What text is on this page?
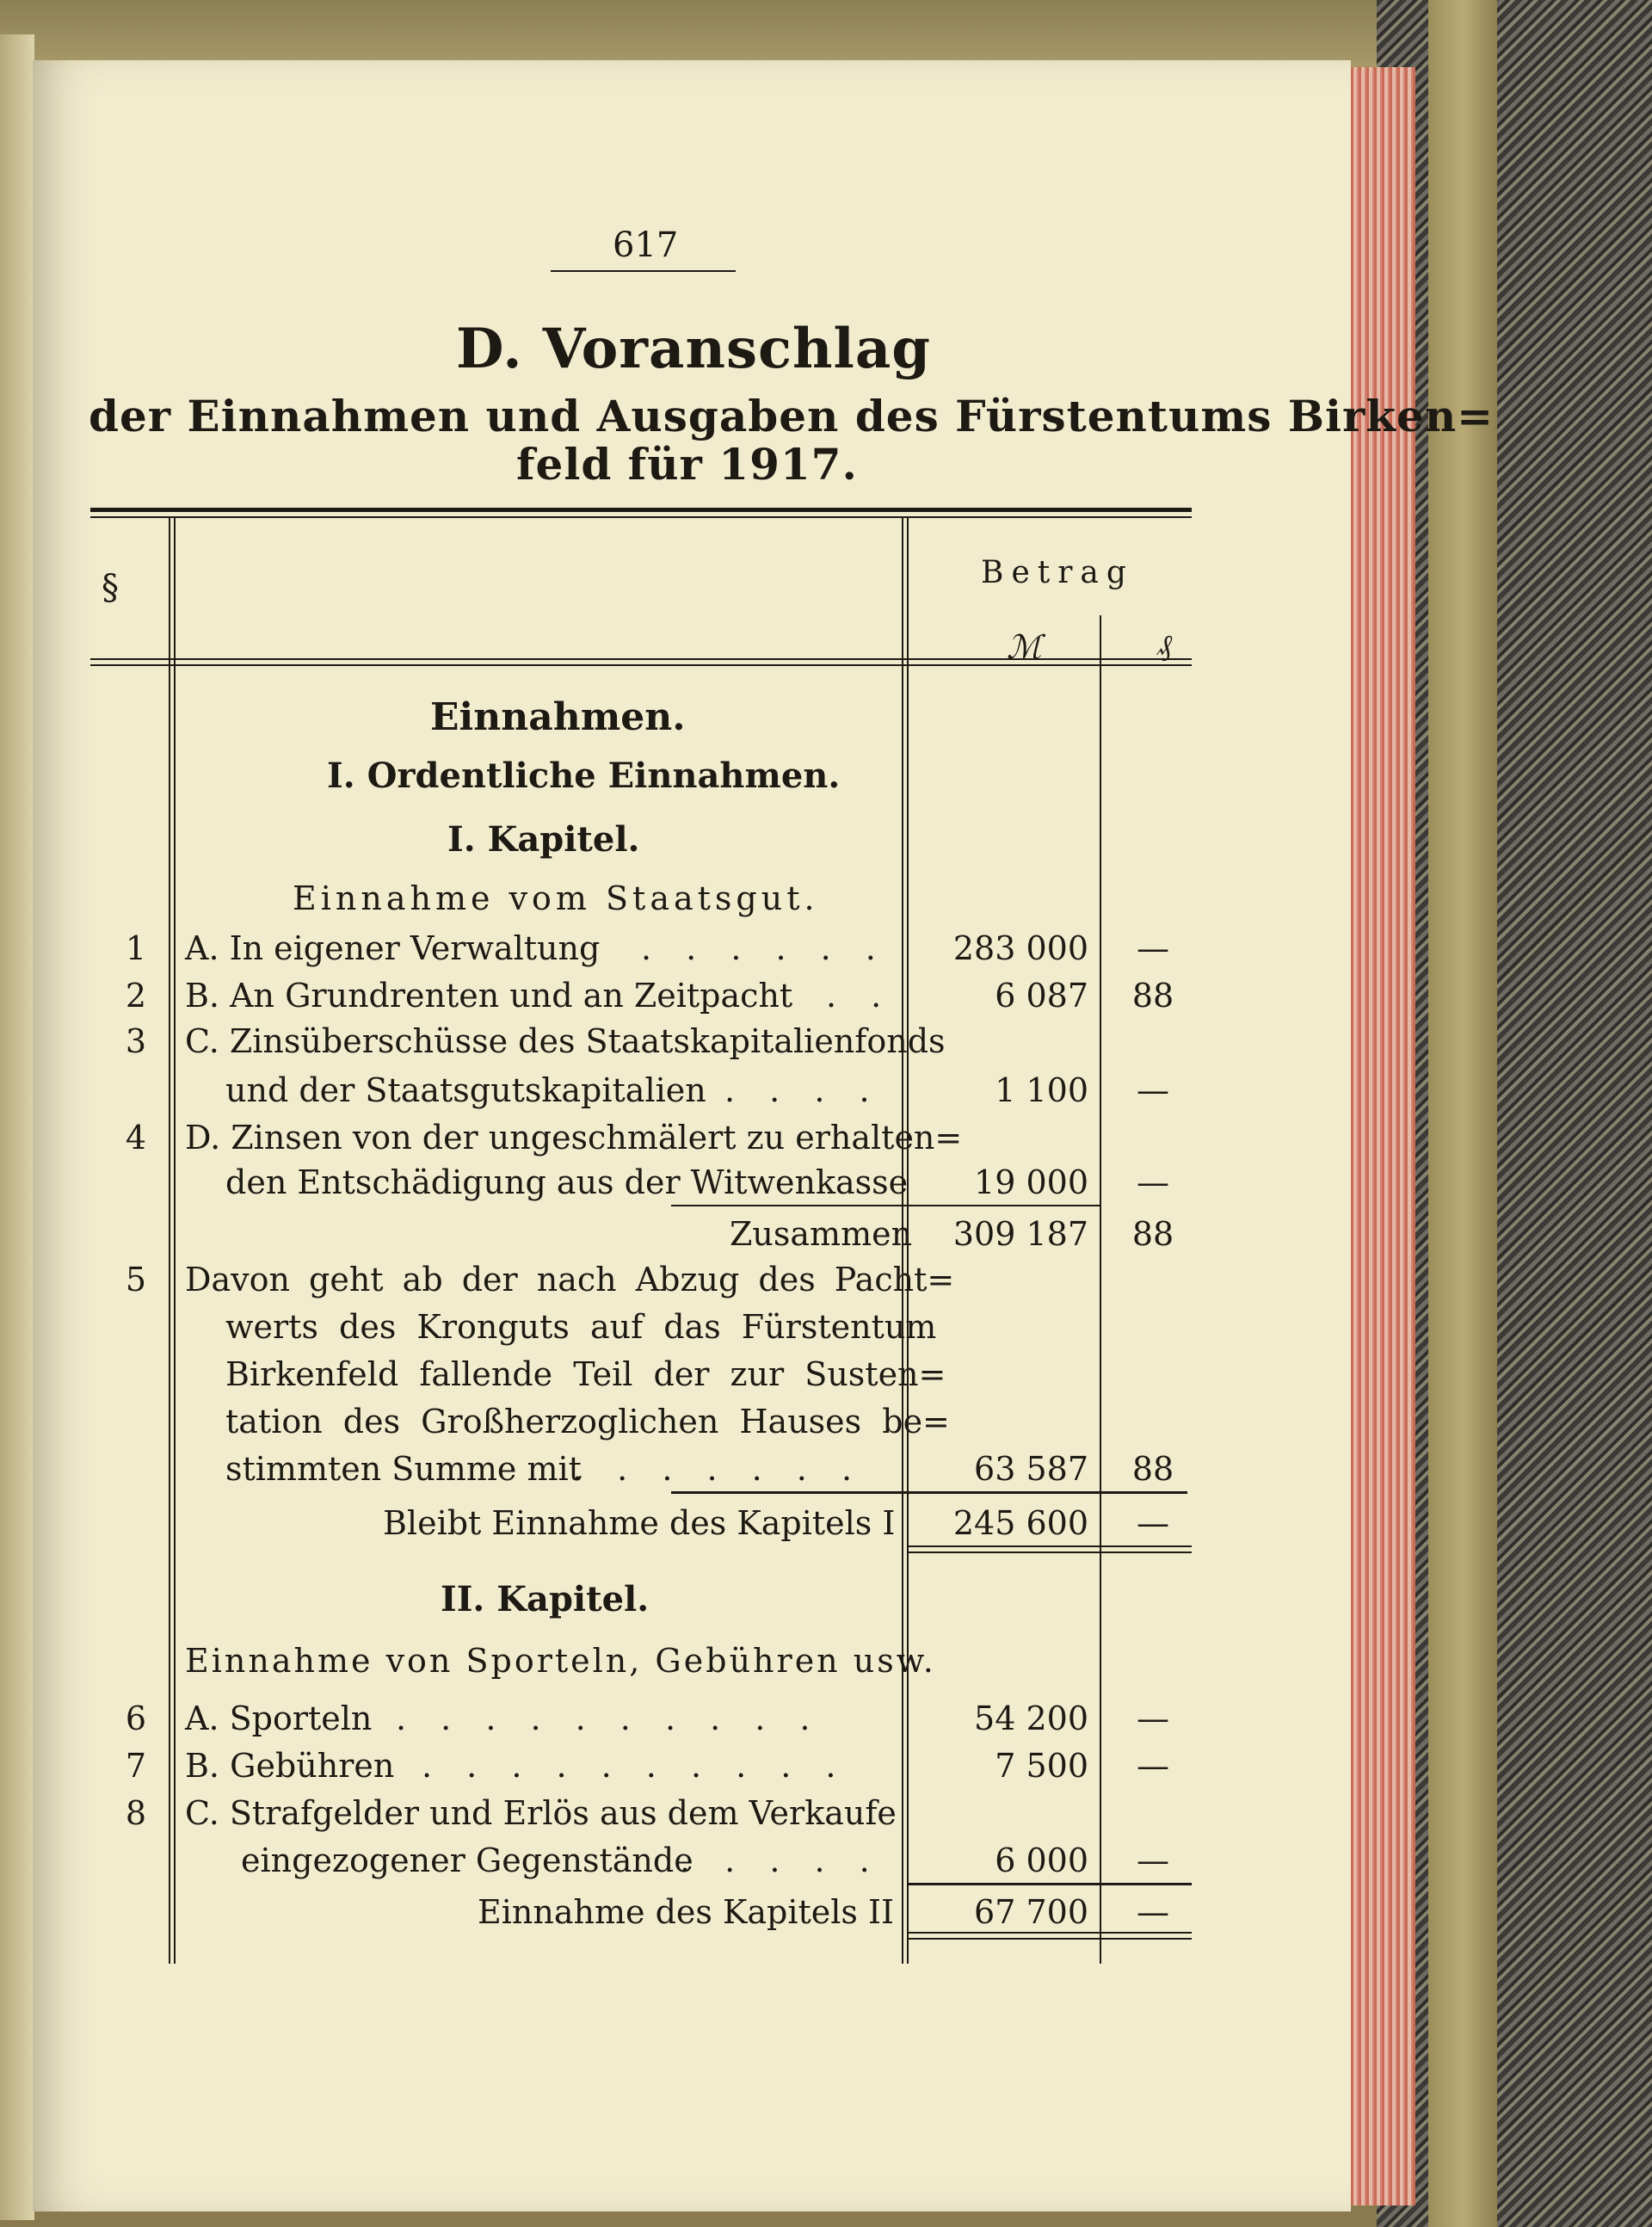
617
D. Voranschlag
der Einnahmen und Ausgaben des Fürstentums Birken=
feld für 1917.
§	Betrag
ℳ	₰
Einnahmen.
I. Ordentliche Einnahmen.
I. Kapitel.
Einnahme vom Staatsgut.
1 A. In eigener Verwaltung . . . . . .	283 000	—
2 B. An Grundrenten und an Zeitpacht . .	6 087	88
3 C. Zinsüberschüsse des Staatskapitalienfonds
und der Staatsgutskapitalien . . . .	1 100	—
4 D. Zinsen von der ungeschmälert zu erhalten=
den Entschädigung aus der Witwenkasse	19 000	—
Zusammen	309 187	88
5 Davon geht ab der nach Abzug des Pacht=
werts des Kronguts auf das Fürstentum
Birkenfeld fallende Teil der zur Susten=
tation des Großherzoglichen Hauses be=
stimmten Summe mit
. . . . . . .	63 587	88
Bleibt Einnahme des Kapitels I	245 600	—
II. Kapitel.
Einnahme von Sporteln, Gebühren usw.
6 A. Sporteln . . . . . . . . . .	54 200	—
7 B. Gebühren . . . . . . . . . .	7 500	—
8 C. Strafgelder und Erlös aus dem Verkaufe
eingezogener Gegenstände
. . . . .	6 000	—
Einnahme des Kapitels II	67 700	—
